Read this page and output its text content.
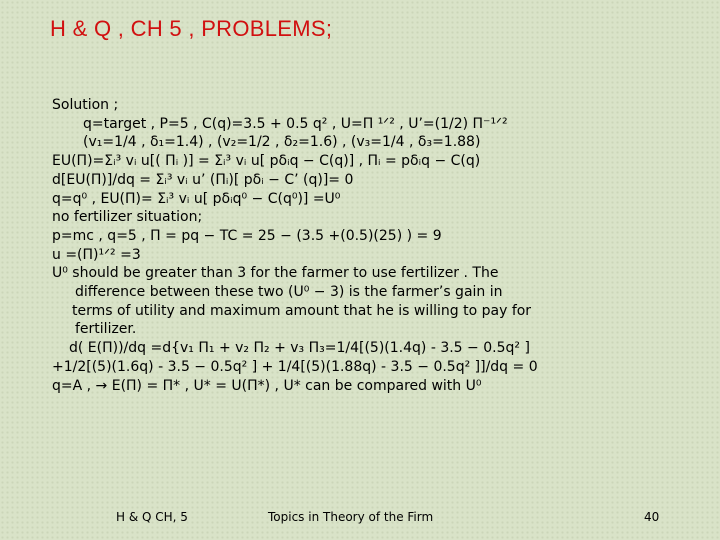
H & Q , CH 5 , PROBLEMS;
Solution ;
q=target , P=5 , C(q)=3.5 + 0.5 q² , U=Π ¹ᐟ² , U’=(1/2) Π⁻¹ᐟ²
(v₁=1/4 , δ₁=1.4) , (v₂=1/2 , δ₂=1.6) , (v₃=1/4 , δ₃=1.88)
EU(Π)=Σᵢ³ vᵢ u[( Πᵢ )] = Σᵢ³ vᵢ u[ pδᵢq − C(q)] , Πᵢ = pδᵢq − C(q)
d[EU(Π)]/dq = Σᵢ³ vᵢ u’ (Πᵢ)[ pδᵢ − C’ (q)]= 0
q=q⁰ , EU(Π)= Σᵢ³ vᵢ u[ pδᵢq⁰ − C(q⁰)] =U⁰
no fertilizer situation;
p=mc , q=5 , Π = pq − TC = 25 − (3.5 +(0.5)(25) ) = 9
u =(Π)¹ᐟ² =3
U⁰ should be greater than 3 for the farmer to use fertilizer . The
difference between these two (U⁰ − 3) is the farmer’s gain in
terms of utility and maximum amount that he is willing to pay for
fertilizer.
d( E(Π))/dq =d{v₁ Π₁ + v₂ Π₂ + v₃ Π₃=1/4[(5)(1.4q) - 3.5 − 0.5q² ]
+1/2[(5)(1.6q) - 3.5 − 0.5q² ] + 1/4[(5)(1.88q) - 3.5 − 0.5q² ]]/dq = 0
q=A , → E(Π) = Π* , U* = U(Π*) , U* can be compared with U⁰
H & Q CH, 5	Topics in Theory of the Firm	40
